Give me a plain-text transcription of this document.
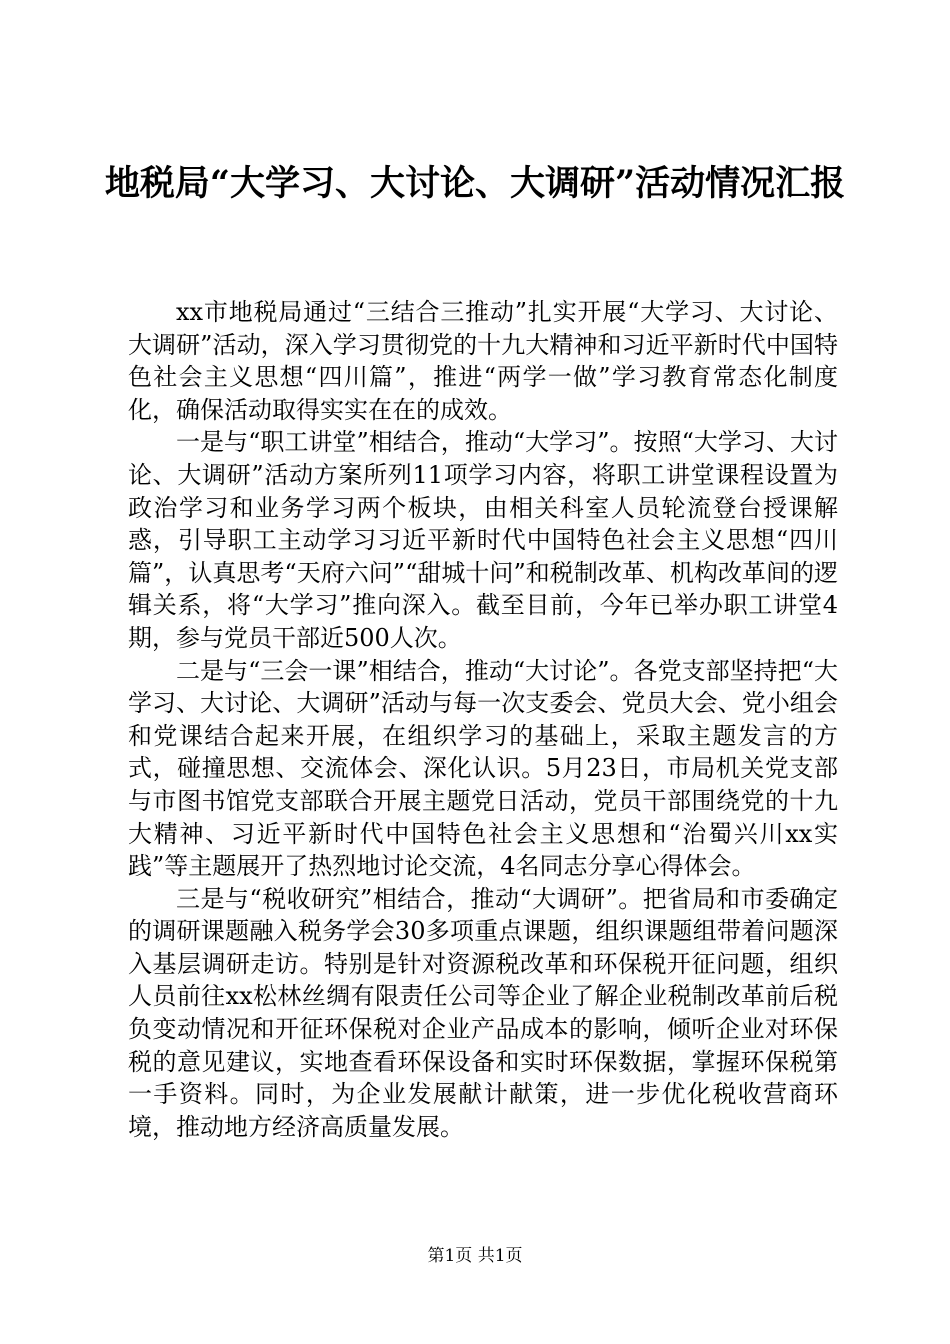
地税局“大学习、大讨论、大调研”活动情况汇报

xx市地税局通过“三结合三推动”扎实开展“大学习、大讨论、大调研”活动，深入学习贯彻党的十九大精神和习近平新时代中国特色社会主义思想“四川篇”，推进“两学一做”学习教育常态化制度化，确保活动取得实实在在的成效。

一是与“职工讲堂”相结合，推动“大学习”。按照“大学习、大讨论、大调研”活动方案所列11项学习内容，将职工讲堂课程设置为政治学习和业务学习两个板块，由相关科室人员轮流登台授课解惑，引导职工主动学习习近平新时代中国特色社会主义思想“四川篇”，认真思考“天府六问”“甜城十问”和税制改革、机构改革间的逻辑关系，将“大学习”推向深入。截至目前，今年已举办职工讲堂4期，参与党员干部近500人次。

二是与“三会一课”相结合，推动“大讨论”。各党支部坚持把“大学习、大讨论、大调研”活动与每一次支委会、党员大会、党小组会和党课结合起来开展，在组织学习的基础上，采取主题发言的方式，碰撞思想、交流体会、深化认识。5月23日，市局机关党支部与市图书馆党支部联合开展主题党日活动，党员干部围绕党的十九大精神、习近平新时代中国特色社会主义思想和“治蜀兴川xx实践”等主题展开了热烈地讨论交流，4名同志分享心得体会。

三是与“税收研究”相结合，推动“大调研”。把省局和市委确定的调研课题融入税务学会30多项重点课题，组织课题组带着问题深入基层调研走访。特别是针对资源税改革和环保税开征问题，组织人员前往xx松林丝绸有限责任公司等企业了解企业税制改革前后税负变动情况和开征环保税对企业产品成本的影响，倾听企业对环保税的意见建议，实地查看环保设备和实时环保数据，掌握环保税第一手资料。同时，为企业发展献计献策，进一步优化税收营商环境，推动地方经济高质量发展。

第1页 共1页
